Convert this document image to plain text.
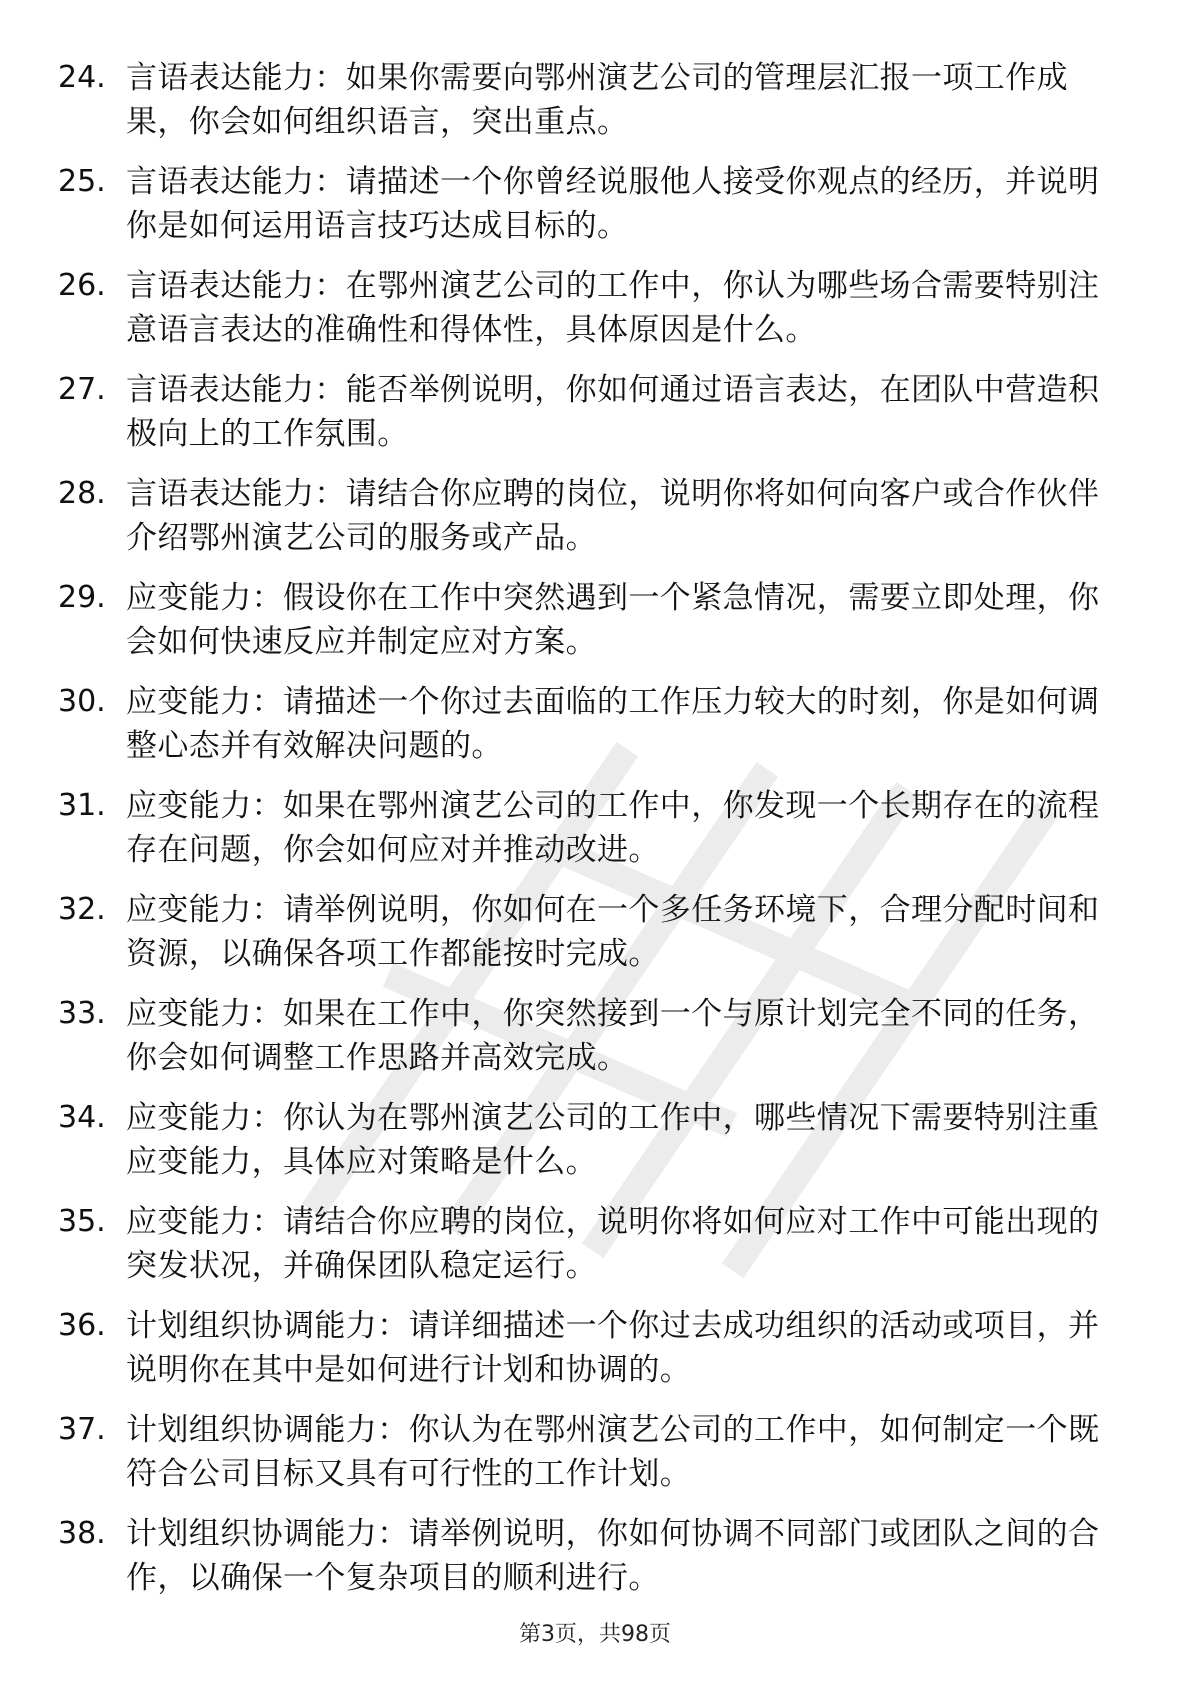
24. 言语表达能力：如果你需要向鄂州演艺公司的管理层汇报一项工作成果，你会如何组织语言，突出重点。
25. 言语表达能力：请描述一个你曾经说服他人接受你观点的经历，并说明你是如何运用语言技巧达成目标的。
26. 言语表达能力：在鄂州演艺公司的工作中，你认为哪些场合需要特别注意语言表达的准确性和得体性，具体原因是什么。
27. 言语表达能力：能否举例说明，你如何通过语言表达，在团队中营造积极向上的工作氛围。
28. 言语表达能力：请结合你应聘的岗位，说明你将如何向客户或合作伙伴介绍鄂州演艺公司的服务或产品。
29. 应变能力：假设你在工作中突然遇到一个紧急情况，需要立即处理，你会如何快速反应并制定应对方案。
30. 应变能力：请描述一个你过去面临的工作压力较大的时刻，你是如何调整心态并有效解决问题的。
31. 应变能力：如果在鄂州演艺公司的工作中，你发现一个长期存在的流程存在问题，你会如何应对并推动改进。
32. 应变能力：请举例说明，你如何在一个多任务环境下，合理分配时间和资源，以确保各项工作都能按时完成。
33. 应变能力：如果在工作中，你突然接到一个与原计划完全不同的任务，你会如何调整工作思路并高效完成。
34. 应变能力：你认为在鄂州演艺公司的工作中，哪些情况下需要特别注重应变能力，具体应对策略是什么。
35. 应变能力：请结合你应聘的岗位，说明你将如何应对工作中可能出现的突发状况，并确保团队稳定运行。
36. 计划组织协调能力：请详细描述一个你过去成功组织的活动或项目，并说明你在其中是如何进行计划和协调的。
37. 计划组织协调能力：你认为在鄂州演艺公司的工作中，如何制定一个既符合公司目标又具有可行性的工作计划。
38. 计划组织协调能力：请举例说明，你如何协调不同部门或团队之间的合作，以确保一个复杂项目的顺利进行。
第3页，共98页
